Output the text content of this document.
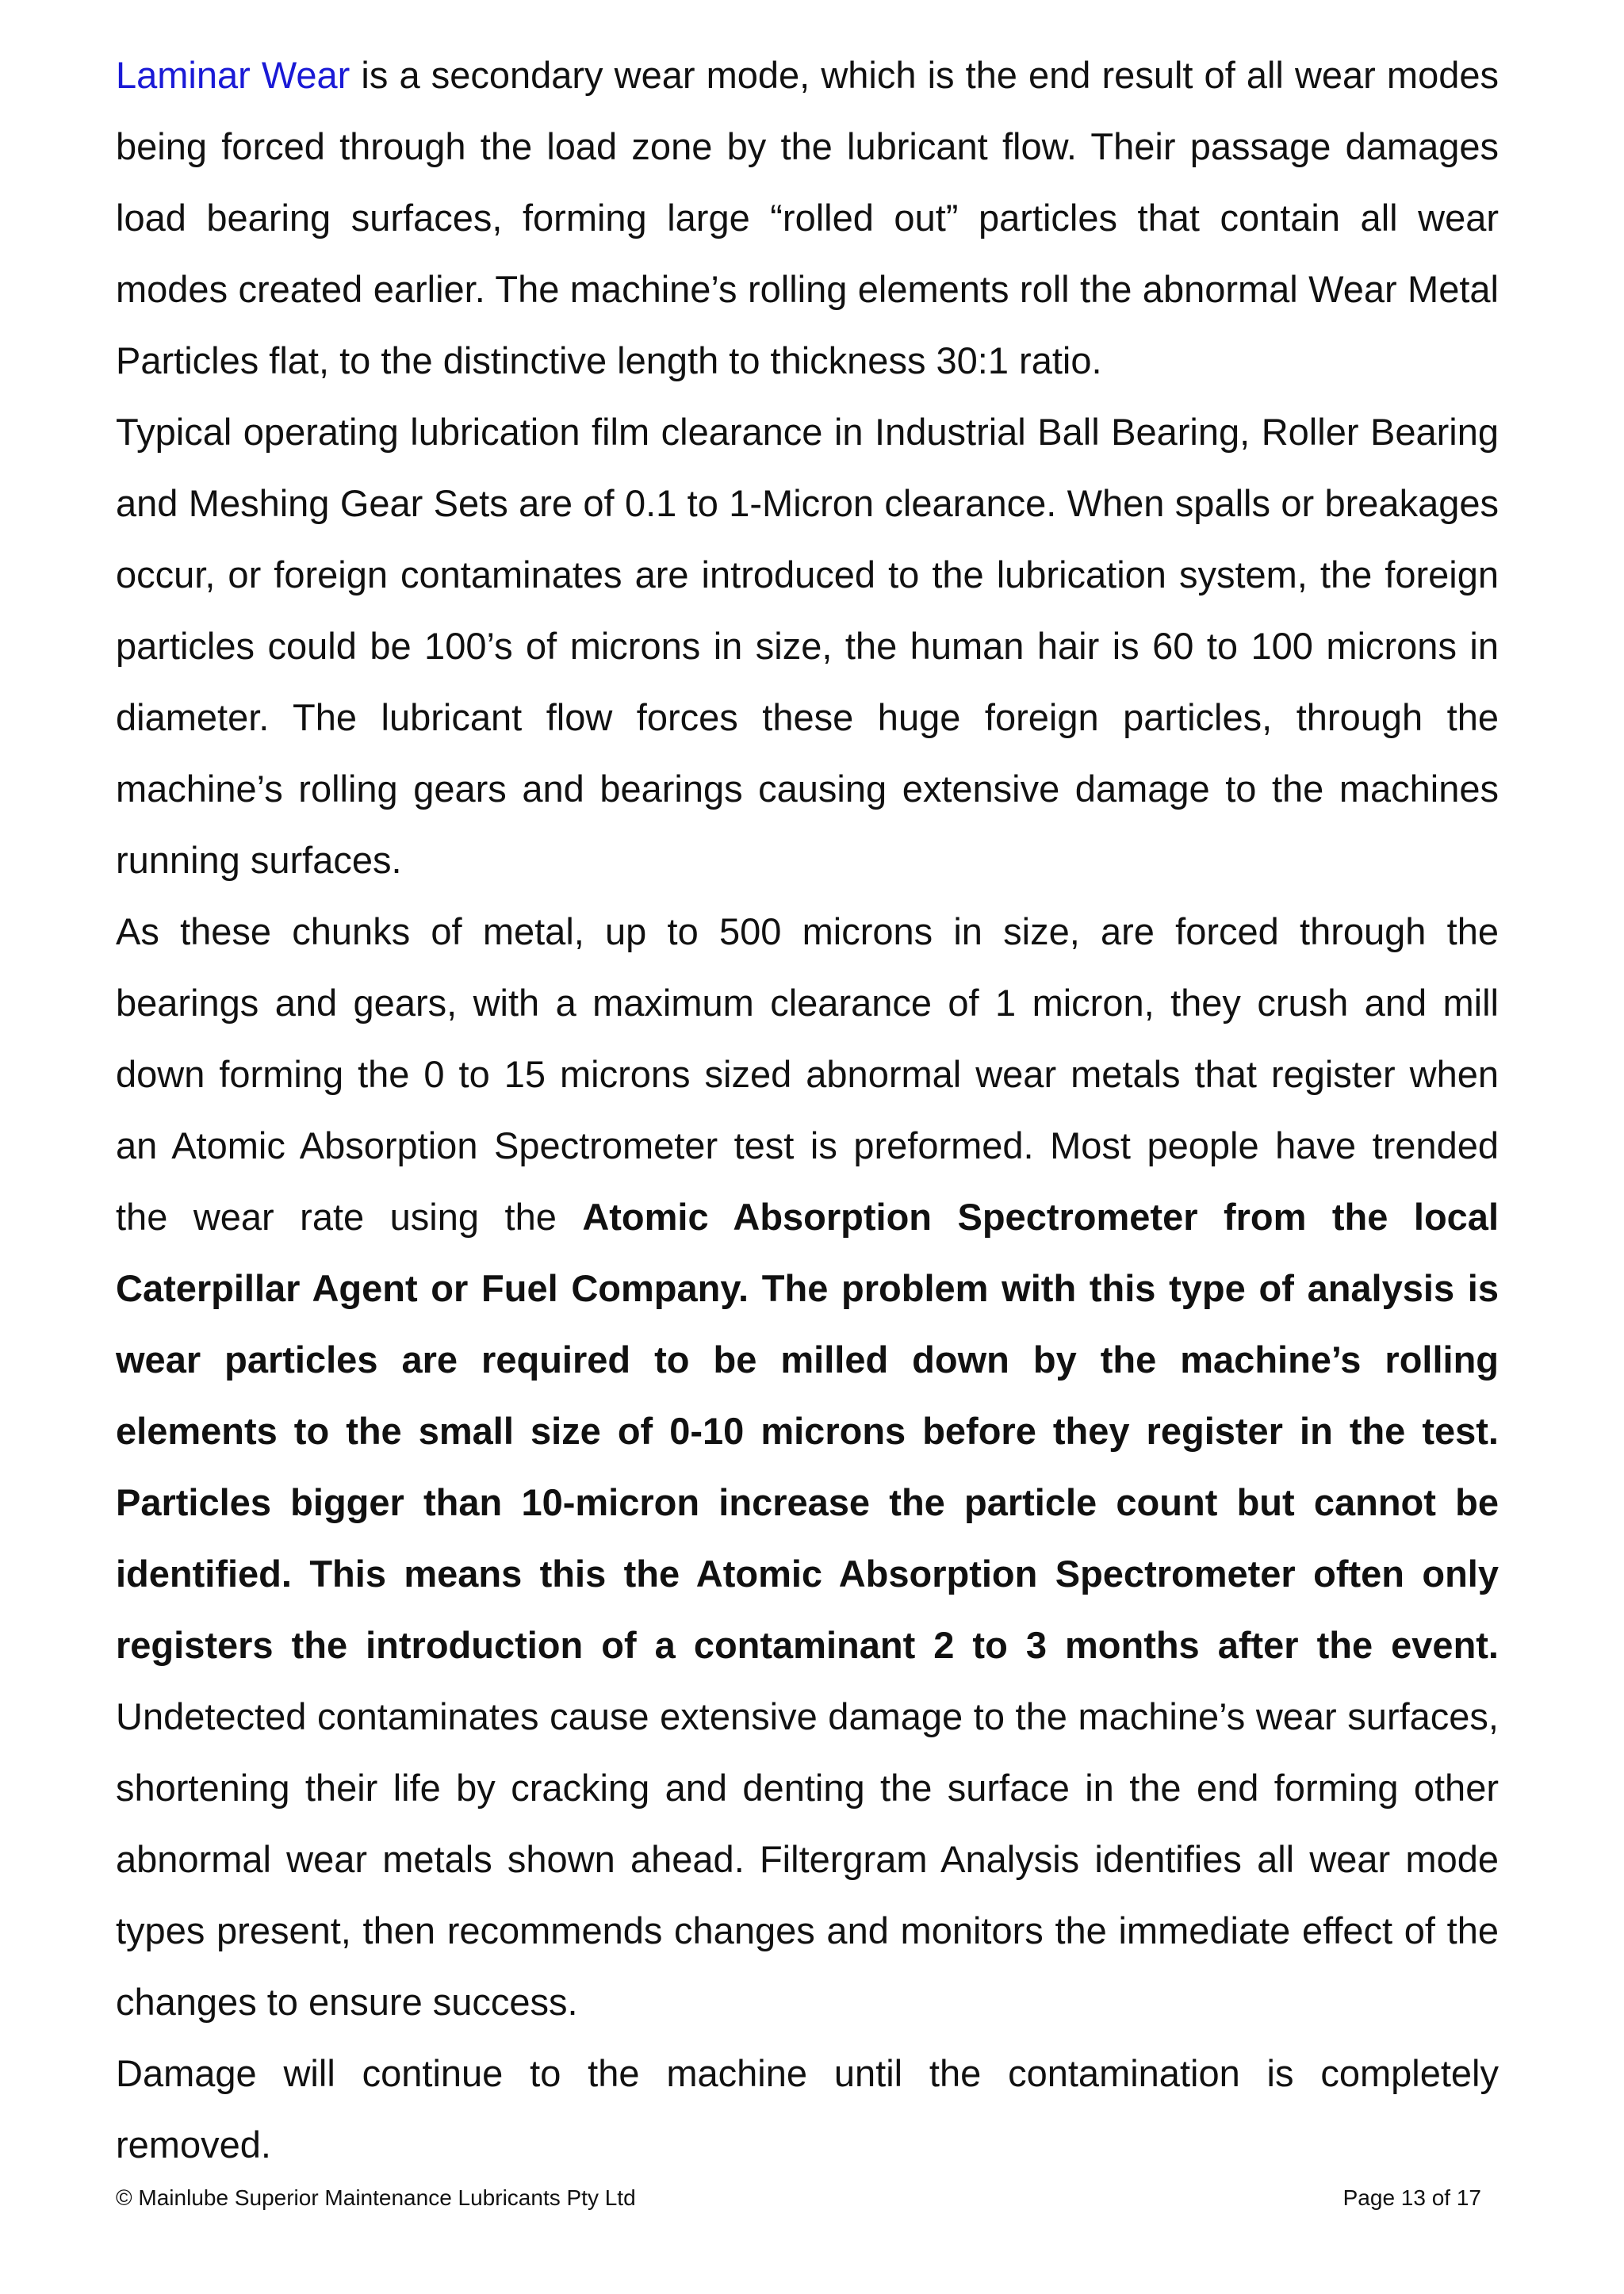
Laminar Wear is a secondary wear mode, which is the end result of all wear modes being forced through the load zone by the lubricant flow. Their passage damages load bearing surfaces, forming large “rolled out” particles that contain all wear modes created earlier. The machine’s rolling elements roll the abnormal Wear Metal Particles flat, to the distinctive length to thickness 30:1 ratio.

Typical operating lubrication film clearance in Industrial Ball Bearing, Roller Bearing and Meshing Gear Sets are of 0.1 to 1-Micron clearance. When spalls or breakages occur, or foreign contaminates are introduced to the lubrication system, the foreign particles could be 100’s of microns in size, the human hair is 60 to 100 microns in diameter. The lubricant flow forces these huge foreign particles, through the machine’s rolling gears and bearings causing extensive damage to the machines running surfaces.

As these chunks of metal, up to 500 microns in size, are forced through the bearings and gears, with a maximum clearance of 1 micron, they crush and mill down forming the 0 to 15 microns sized abnormal wear metals that register when an Atomic Absorption Spectrometer test is preformed. Most people have trended the wear rate using the Atomic Absorption Spectrometer from the local Caterpillar Agent or Fuel Company. The problem with this type of analysis is wear particles are required to be milled down by the machine’s rolling elements to the small size of 0-10 microns before they register in the test. Particles bigger than 10-micron increase the particle count but cannot be identified. This means this the Atomic Absorption Spectrometer often only registers the introduction of a contaminant 2 to 3 months after the event. Undetected contaminates cause extensive damage to the machine’s wear surfaces, shortening their life by cracking and denting the surface in the end forming other abnormal wear metals shown ahead. Filtergram Analysis identifies all wear mode types present, then recommends changes and monitors the immediate effect of the changes to ensure success.

Damage will continue to the machine until the contamination is completely removed.

© Mainlube Superior Maintenance Lubricants Pty Ltd	Page 13 of 17
